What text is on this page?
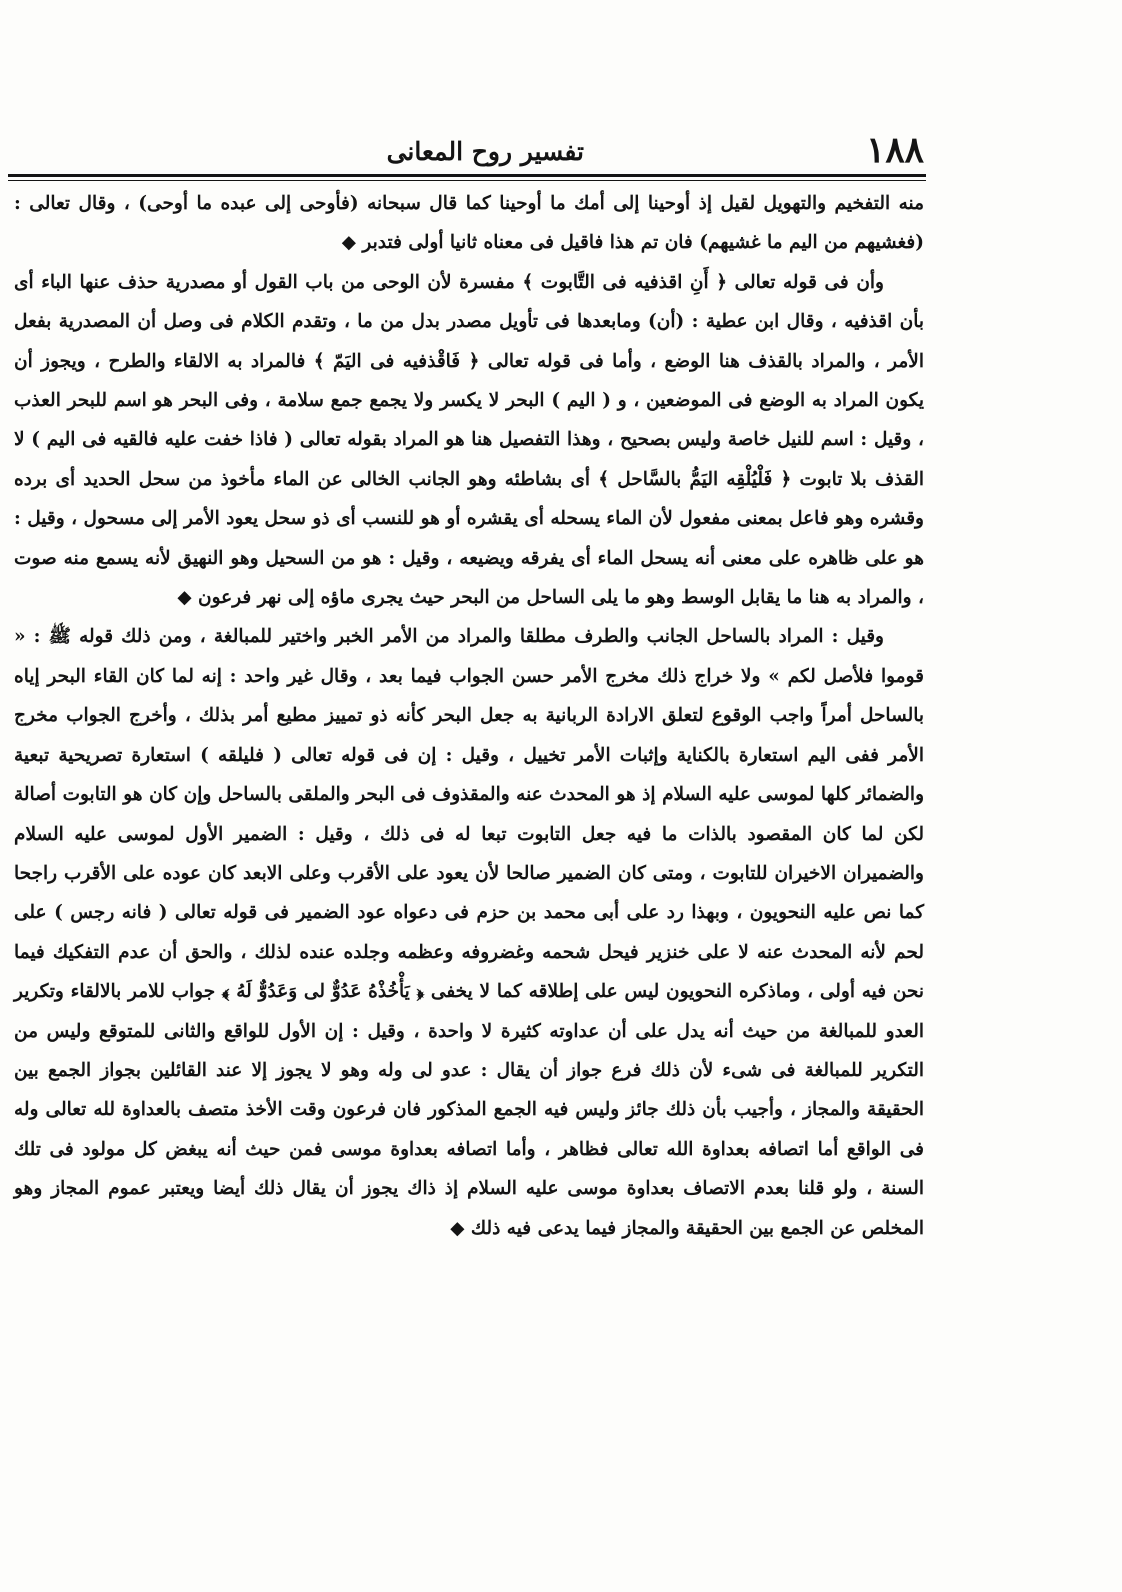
١٨٨
تفسير روح المعانى

منه التفخيم والتهويل لقيل إذ أوحينا إلى أمك ما أوحينا كما قال سبحانه (فأوحى إلى عبده ما أوحى) ، وقال تعالى : (فغشيهم من اليم ما غشيهم) فان تم هذا فاقيل فى معناه ثانيا أولى فتدبر ◆

وأن فى قوله تعالى ﴿ أَنِ اقذفيه فى التَّابوت ﴾ مفسرة لأن الوحى من باب القول أو مصدرية حذف عنها الباء أى بأن اقذفيه ، وقال ابن عطية : (أن) ومابعدها فى تأويل مصدر بدل من ما ، وتقدم الكلام فى وصل أن المصدرية بفعل الأمر ، والمراد بالقذف هنا الوضع ، وأما فى قوله تعالى ﴿ فَاقْذفيه فى اليَمّ ﴾ فالمراد به الالقاء والطرح ، ويجوز أن يكون المراد به الوضع فى الموضعين ، و ( اليم ) البحر لا يكسر ولا يجمع جمع سلامة ، وفى البحر هو اسم للبحر العذب ، وقيل : اسم للنيل خاصة وليس بصحيح ، وهذا التفصيل هنا هو المراد بقوله تعالى ( فاذا خفت عليه فالقيه فى اليم ) لا القذف بلا تابوت ﴿ فَلْيُلْقِه اليَمُّ بالسَّاحل ﴾ أى بشاطئه وهو الجانب الخالى عن الماء مأخوذ من سحل الحديد أى برده وقشره وهو فاعل بمعنى مفعول لأن الماء يسحله أى يقشره أو هو للنسب أى ذو سحل يعود الأمر إلى مسحول ، وقيل : هو على ظاهره على معنى أنه يسحل الماء أى يفرقه ويضيعه ، وقيل : هو من السحيل وهو النهيق لأنه يسمع منه صوت ، والمراد به هنا ما يقابل الوسط وهو ما يلى الساحل من البحر حيث يجرى ماؤه إلى نهر فرعون ◆

وقيل : المراد بالساحل الجانب والطرف مطلقا والمراد من الأمر الخبر واختير للمبالغة ، ومن ذلك قوله ﷺ : « قوموا فلأصل لكم » ولا خراج ذلك مخرج الأمر حسن الجواب فيما بعد ، وقال غير واحد : إنه لما كان القاء البحر إياه بالساحل أمراً واجب الوقوع لتعلق الارادة الربانية به جعل البحر كأنه ذو تمييز مطيع أمر بذلك ، وأخرج الجواب مخرج الأمر ففى اليم استعارة بالكناية وإثبات الأمر تخييل ، وقيل : إن فى قوله تعالى ( فليلقه ) استعارة تصريحية تبعية والضمائر كلها لموسى عليه السلام إذ هو المحدث عنه والمقذوف فى البحر والملقى بالساحل وإن كان هو التابوت أصالة لكن لما كان المقصود بالذات ما فيه جعل التابوت تبعا له فى ذلك ، وقيل : الضمير الأول لموسى عليه السلام والضميران الاخيران للتابوت ، ومتى كان الضمير صالحا لأن يعود على الأقرب وعلى الابعد كان عوده على الأقرب راجحا كما نص عليه النحويون ، وبهذا رد على أبى محمد بن حزم فى دعواه عود الضمير فى قوله تعالى ( فانه رجس ) على لحم لأنه المحدث عنه لا على خنزير فيحل شحمه وغضروفه وعظمه وجلده عنده لذلك ، والحق أن عدم التفكيك فيما نحن فيه أولى ، وماذكره النحويون ليس على إطلاقه كما لا يخفى ﴿ يَأْخُذْهُ عَدُوٌّ لى وَعَدُوٌّ لَهُ ﴾ جواب للامر بالالقاء وتكرير العدو للمبالغة من حيث أنه يدل على أن عداوته كثيرة لا واحدة ، وقيل : إن الأول للواقع والثانى للمتوقع وليس من التكرير للمبالغة فى شىء لأن ذلك فرع جواز أن يقال : عدو لى وله وهو لا يجوز إلا عند القائلين بجواز الجمع بين الحقيقة والمجاز ، وأجيب بأن ذلك جائز وليس فيه الجمع المذكور فان فرعون وقت الأخذ متصف بالعداوة لله تعالى وله فى الواقع أما اتصافه بعداوة الله تعالى فظاهر ، وأما اتصافه بعداوة موسى فمن حيث أنه يبغض كل مولود فى تلك السنة ، ولو قلنا بعدم الاتصاف بعداوة موسى عليه السلام إذ ذاك يجوز أن يقال ذلك أيضا ويعتبر عموم المجاز وهو المخلص عن الجمع بين الحقيقة والمجاز فيما يدعى فيه ذلك ◆
